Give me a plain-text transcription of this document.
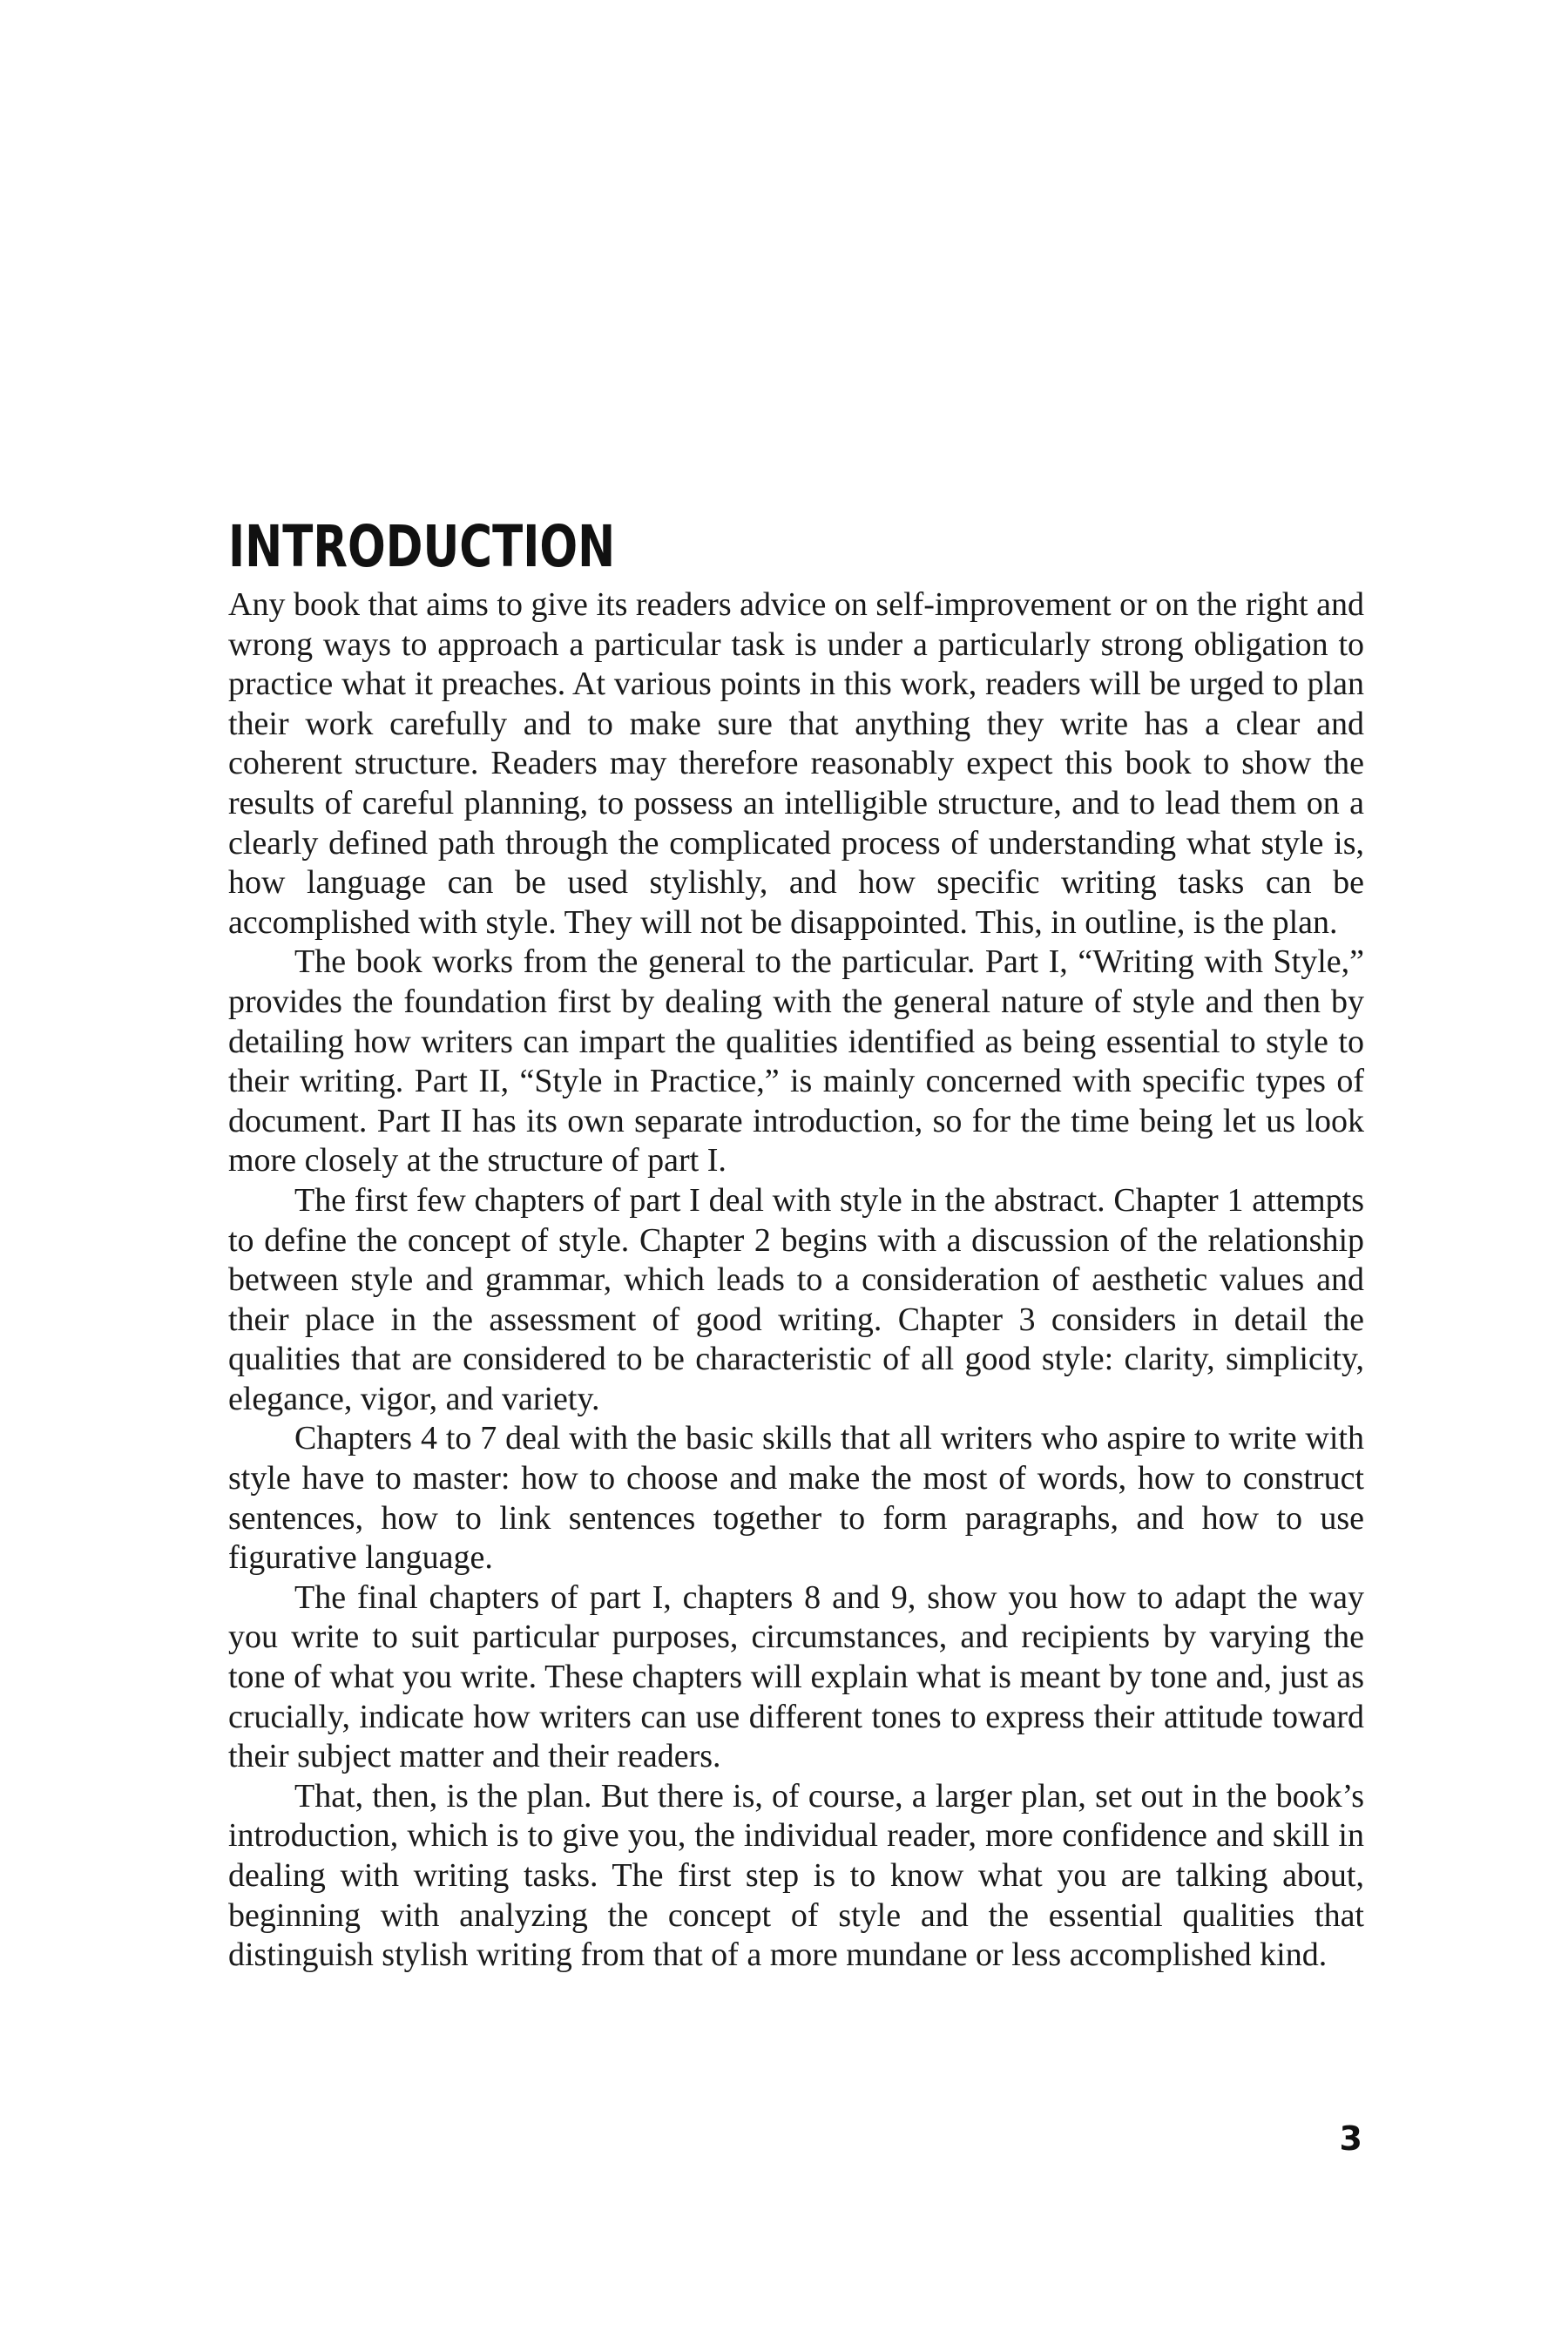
INTRODUCTION

Any book that aims to give its readers advice on self-improvement or on the right and wrong ways to approach a particular task is under a particularly strong obligation to practice what it preaches. At various points in this work, readers will be urged to plan their work carefully and to make sure that anything they write has a clear and coherent structure. Readers may therefore reasonably expect this book to show the results of careful planning, to possess an intelligible structure, and to lead them on a clearly defined path through the complicated process of understanding what style is, how language can be used stylishly, and how specific writing tasks can be accomplished with style. They will not be disappointed. This, in outline, is the plan.

The book works from the general to the particular. Part I, “Writing with Style,” provides the foundation first by dealing with the general nature of style and then by detailing how writers can impart the qualities identified as being essential to style to their writing. Part II, “Style in Practice,” is mainly concerned with specific types of document. Part II has its own separate introduction, so for the time being let us look more closely at the structure of part I.

The first few chapters of part I deal with style in the abstract. Chapter 1 attempts to define the concept of style. Chapter 2 begins with a discussion of the relationship between style and grammar, which leads to a consideration of aesthetic values and their place in the assessment of good writing. Chapter 3 considers in detail the qualities that are considered to be characteristic of all good style: clarity, simplicity, elegance, vigor, and variety.

Chapters 4 to 7 deal with the basic skills that all writers who aspire to write with style have to master: how to choose and make the most of words, how to construct sentences, how to link sentences together to form paragraphs, and how to use figurative language.

The final chapters of part I, chapters 8 and 9, show you how to adapt the way you write to suit particular purposes, circumstances, and recipients by varying the tone of what you write. These chapters will explain what is meant by tone and, just as crucially, indicate how writers can use different tones to express their attitude toward their subject matter and their readers.

That, then, is the plan. But there is, of course, a larger plan, set out in the book’s introduction, which is to give you, the individual reader, more confidence and skill in dealing with writing tasks. The first step is to know what you are talking about, beginning with analyzing the concept of style and the essential qualities that distinguish stylish writing from that of a more mundane or less accomplished kind.

3
